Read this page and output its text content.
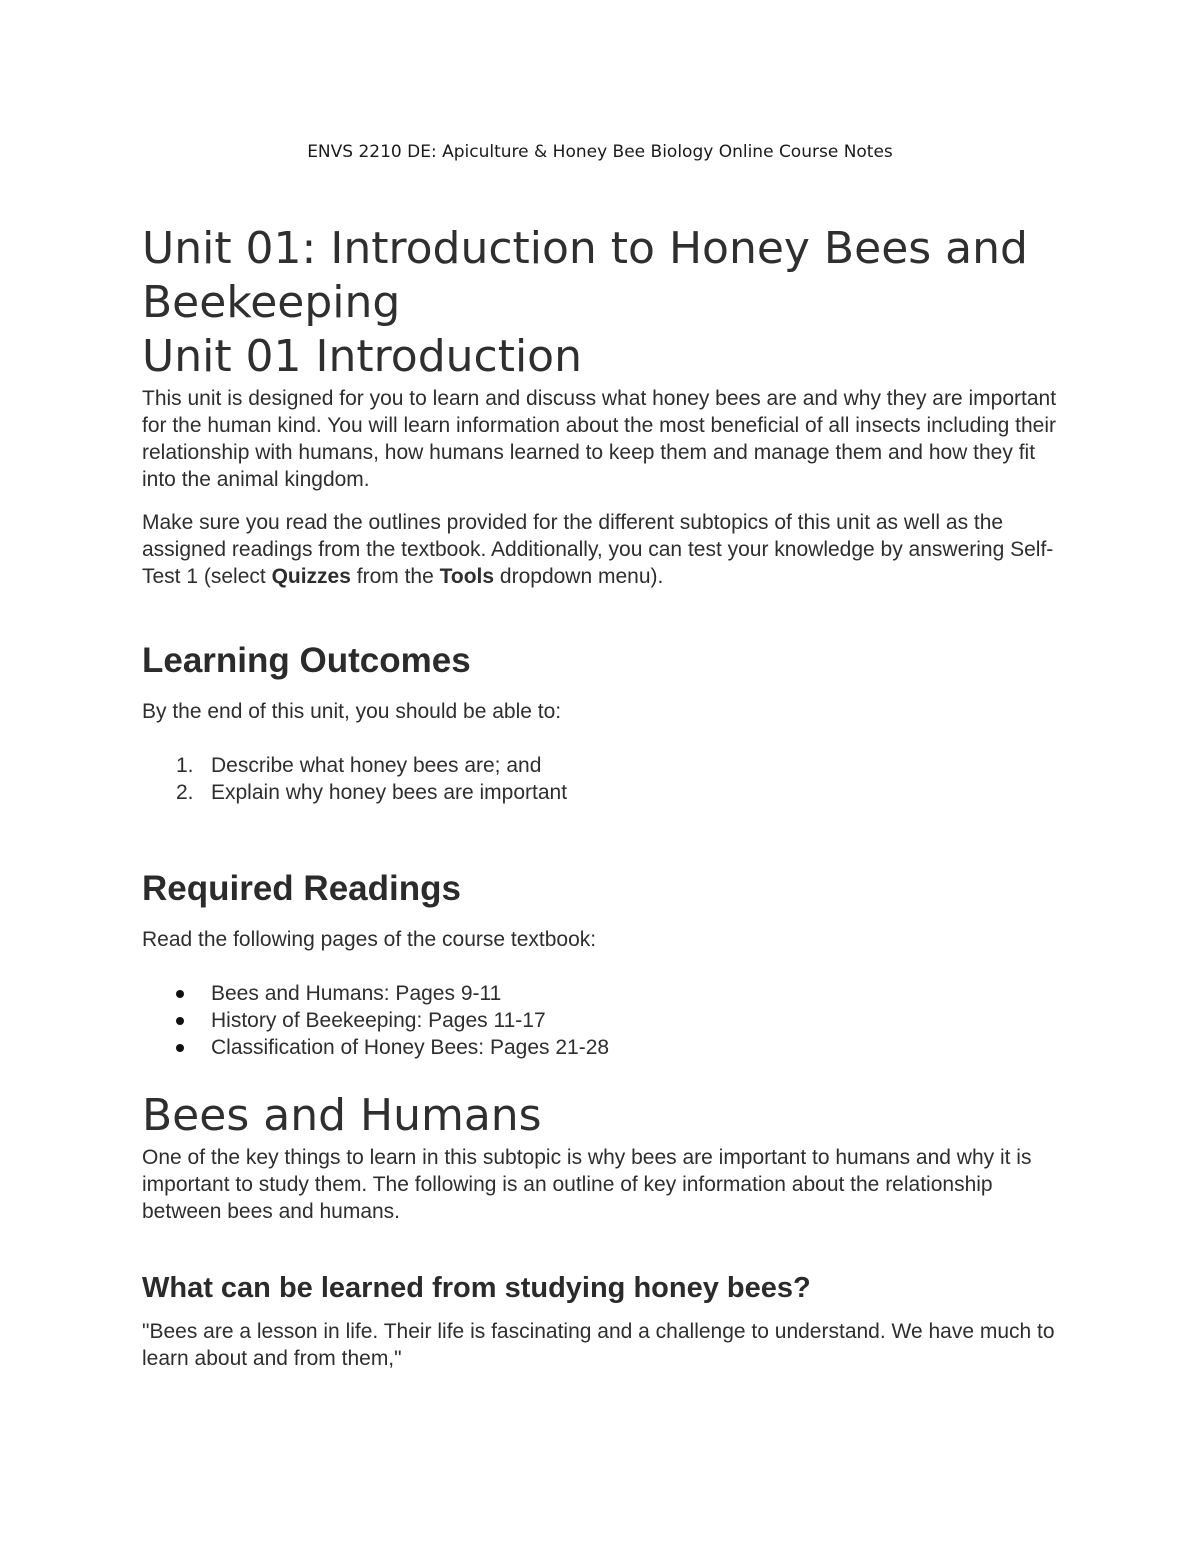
ENVS 2210 DE: Apiculture & Honey Bee Biology Online Course Notes
Unit 01: Introduction to Honey Bees and Beekeeping
Unit 01 Introduction

This unit is designed for you to learn and discuss what honey bees are and why they are important for the human kind. You will learn information about the most beneficial of all insects including their relationship with humans, how humans learned to keep them and manage them and how they fit into the animal kingdom.

Make sure you read the outlines provided for the different subtopics of this unit as well as the assigned readings from the textbook. Additionally, you can test your knowledge by answering Self-Test 1 (select Quizzes from the Tools dropdown menu).

Learning Outcomes

By the end of this unit, you should be able to:

1. Describe what honey bees are; and
2. Explain why honey bees are important
Required Readings

Read the following pages of the course textbook:

Bees and Humans: Pages 9-11
History of Beekeeping: Pages 11-17
Classification of Honey Bees: Pages 21-28
Bees and Humans

One of the key things to learn in this subtopic is why bees are important to humans and why it is important to study them. The following is an outline of key information about the relationship between bees and humans.

What can be learned from studying honey bees?

"Bees are a lesson in life. Their life is fascinating and a challenge to understand. We have much to learn about and from them,"
